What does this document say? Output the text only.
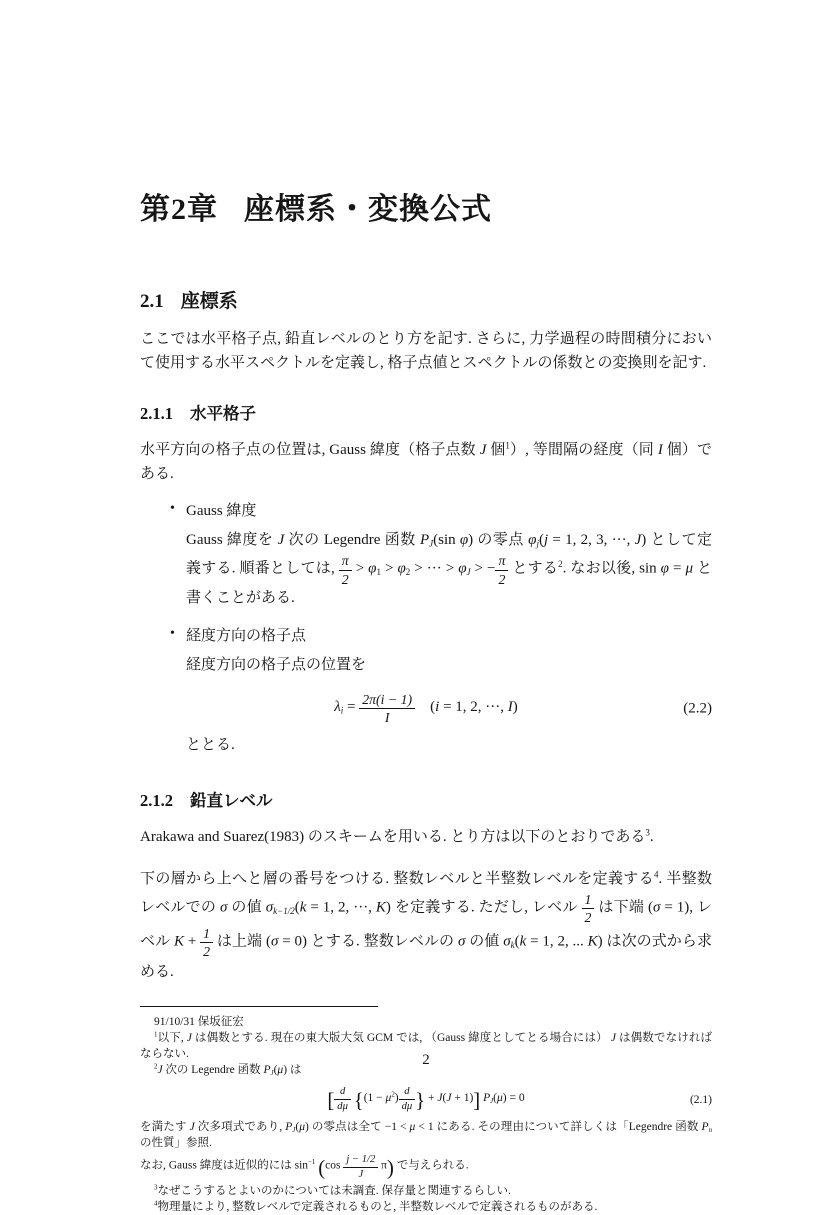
第2章 座標系・変換公式
2.1 座標系

ここでは水平格子点, 鉛直レベルのとり方を記す. さらに, 力学過程の時間積分において使用する水平スペクトルを定義し, 格子点値とスペクトルの係数との変換則を記す.

2.1.1 水平格子

水平方向の格子点の位置は, Gauss 緯度（格子点数 J 個$^1$）, 等間隔の経度（同 I 個）である.

• Gauss 緯度
Gauss 緯度を J 次の Legendre 函数 $P_J(\sin$ φ) の零点 $\varphi_j(j = 1$, 2, 3, ···, J) として定義する. 順番としては, $\frac{\pi}{2} > \varphi_1 > \varphi_2$ > ··· > $\varphi_J$ > − $\frac{\pi}{2}$ とする$^2$. なお以後, sin φ = μ と書くことがある.
• 経度方向の格子点
経度方向の格子点の位置を
$\lambda_i = \frac{2\pi(i - 1)}{I}$   (i = 1, 2, ···, I)	(2.2)
ととる.
2.1.2 鉛直レベル

Arakawa and Suarez(1983) のスキームを用いる. とり方は以下のとおりである$^3$.

下の層から上へと層の番号をつける. 整数レベルと半整数レベルを定義する$^4$. 半整数レベルでの σ の値 $\sigma_{k-1/2}(k = 1$, 2, ···, K) を定義する. ただし, レベル $\frac{1}{2}$ は下端 (σ = 1), レベル $K + \frac{1}{2}$ は上端 (σ = 0) とする. 整数レベルの σ の値 $\sigma_k(k = 1$, 2, ... K) は次の式から求める.

91/10/31 保坂征宏
$^1$以下, J は偶数とする. 現在の東大版大気 GCM では, （Gauss 緯度としてとる場合には） J は偶数でなければならない.
$^2$J 次の Legendre 函数 $P_J(\mu)$ は
[ $\frac{d}{d\mu} \{(1 - \mu^2) \frac{d}{d\mu}$ } + J(J + 1)] $P_J(\mu) = 0$	(2.1)
を満たす J 次多項式であり, $P_J(\mu)$ の零点は全て −1 < μ < 1 にある. その理由について詳しくは「Legendre 函数 $P_n$ の性質」参照.
なお, Gauss 緯度は近似的には $\sin^{-1} (\cos \frac{j - 1/2}{J} \pi)$ で与えられる.
$^3$なぜこうするとよいのかについては未調査. 保存量と関連するらしい.
$^4$物理量により, 整数レベルで定義されるものと, 半整数レベルで定義されるものがある.
2
